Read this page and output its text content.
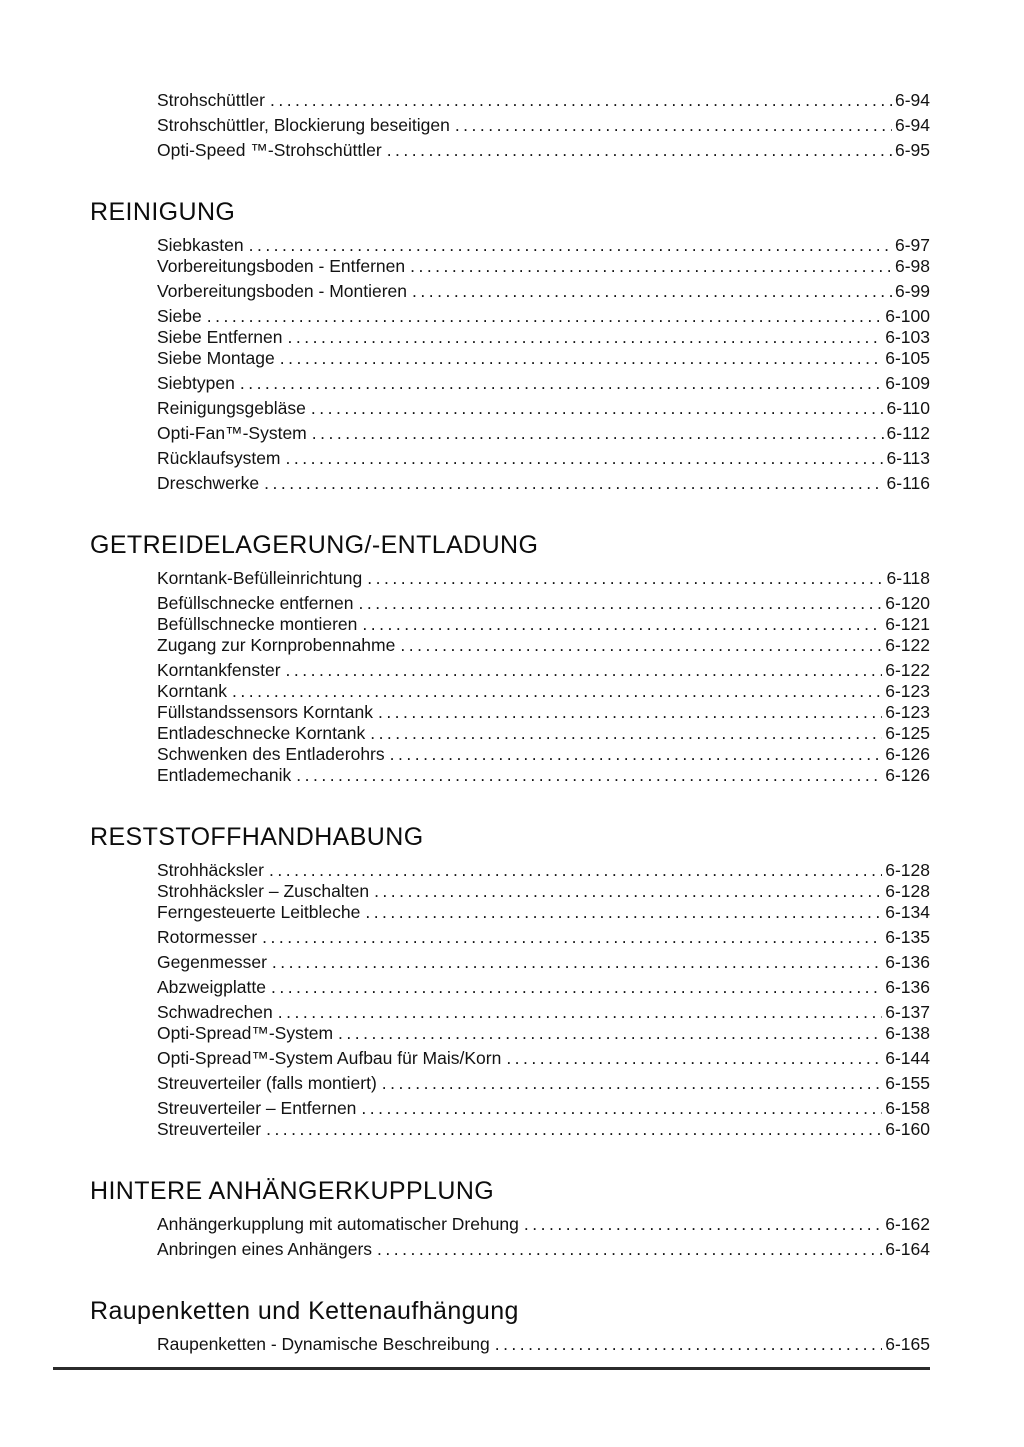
Strohschüttler .....	6-94
Strohschüttler, Blockierung beseitigen .....	6-94
Opti-Speed ™-Strohschüttler .....	6-95
REINIGUNG
Siebkasten .....	6-97
Vorbereitungsboden - Entfernen .....	6-98
Vorbereitungsboden - Montieren .....	6-99
Siebe .....	6-100
Siebe Entfernen .....	6-103
Siebe Montage .....	6-105
Siebtypen .....	6-109
Reinigungsgebläse .....	6-110
Opti-Fan™-System .....	6-112
Rücklaufsystem .....	6-113
Dreschwerke .....	6-116
GETREIDELAGERUNG/-ENTLADUNG
Korntank-Befülleinrichtung .....	6-118
Befüllschnecke entfernen .....	6-120
Befüllschnecke montieren .....	6-121
Zugang zur Kornprobennahme .....	6-122
Korntankfenster .....	6-122
Korntank .....	6-123
Füllstandssensors Korntank .....	6-123
Entladeschnecke Korntank .....	6-125
Schwenken des Entladerohrs .....	6-126
Entlademechanik .....	6-126
RESTSTOFFHANDHABUNG
Strohhäcksler .....	6-128
Strohhäcksler – Zuschalten .....	6-128
Ferngesteuerte Leitbleche .....	6-134
Rotormesser .....	6-135
Gegenmesser .....	6-136
Abzweigplatte .....	6-136
Schwadrechen .....	6-137
Opti-Spread™-System .....	6-138
Opti-Spread™-System Aufbau für Mais/Korn .....	6-144
Streuverteiler (falls montiert) .....	6-155
Streuverteiler – Entfernen .....	6-158
Streuverteiler .....	6-160
HINTERE ANHÄNGERKUPPLUNG
Anhängerkupplung mit automatischer Drehung .....	6-162
Anbringen eines Anhängers .....	6-164
Raupenketten und Kettenaufhängung
Raupenketten - Dynamische Beschreibung .....	6-165
